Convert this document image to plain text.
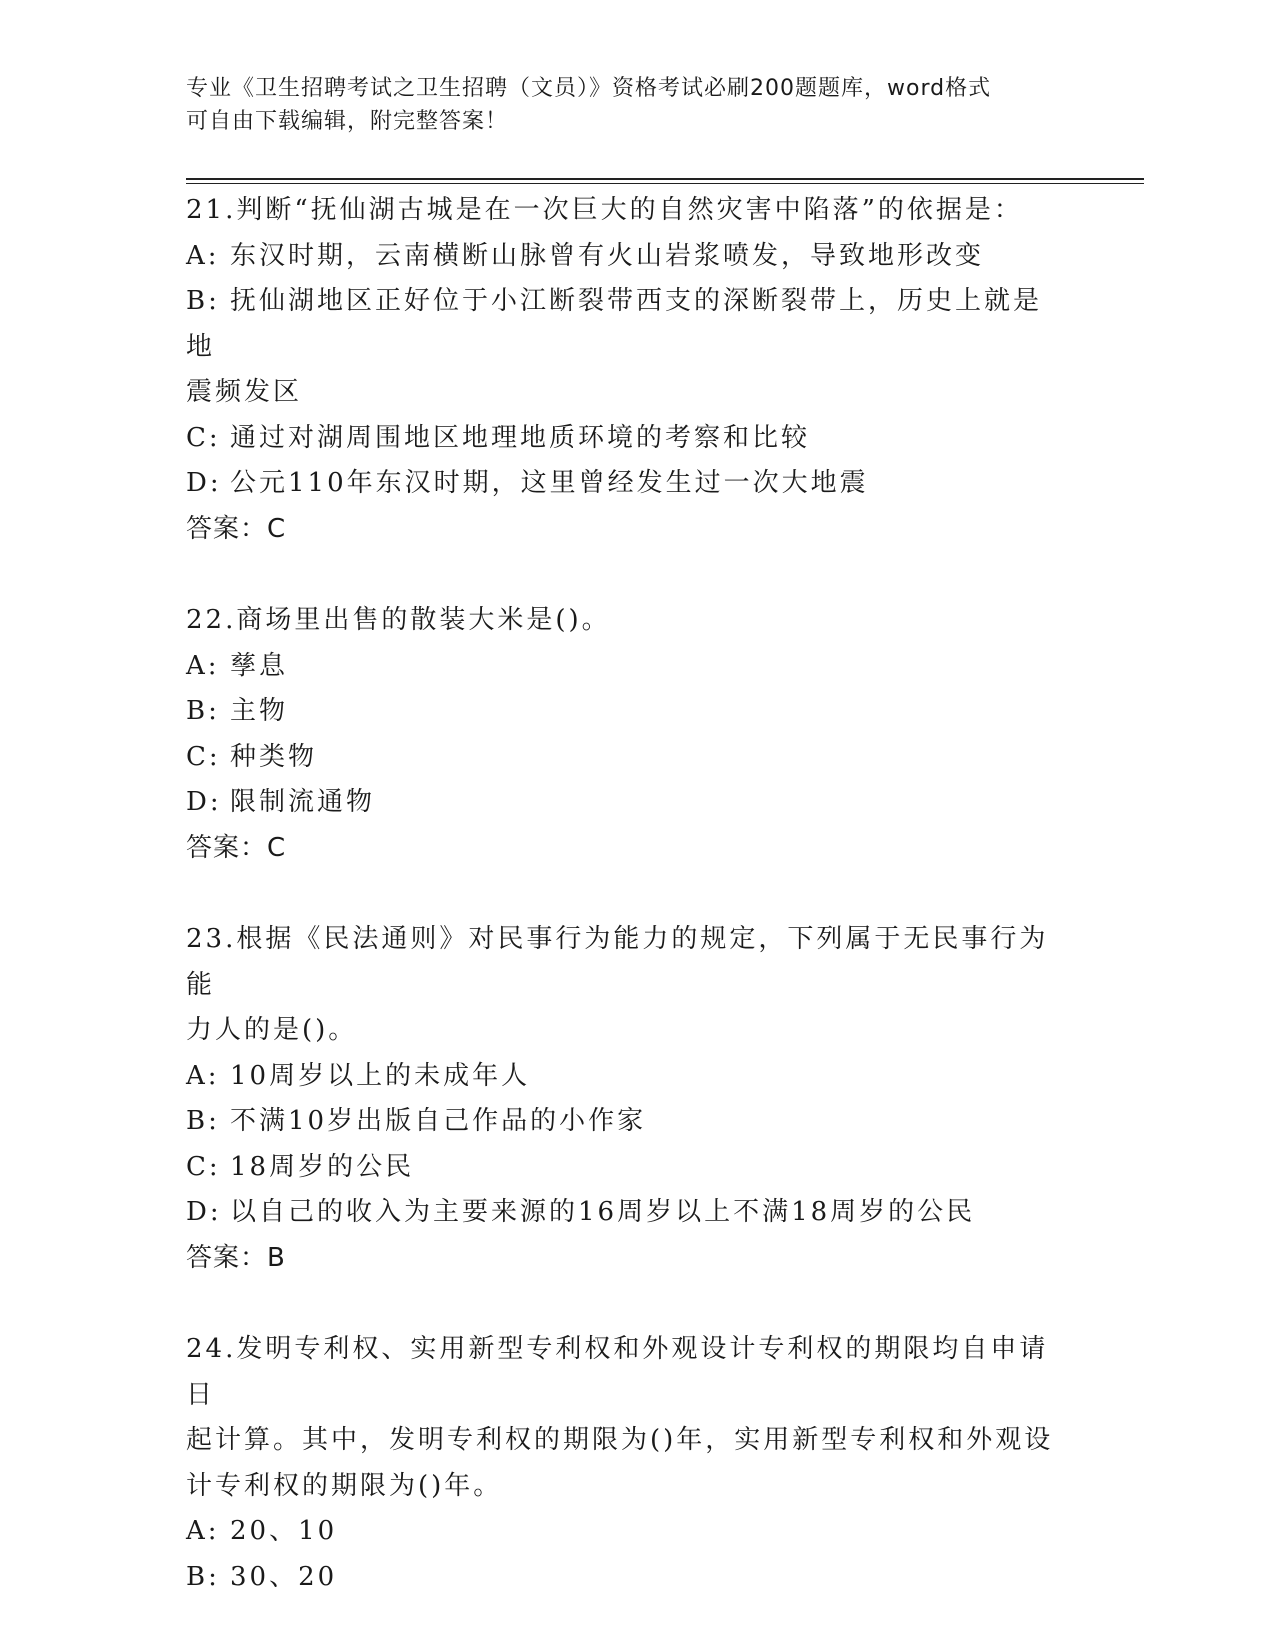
专业《卫生招聘考试之卫生招聘（文员）》资格考试必刷200题题库，word格式
可自由下载编辑，附完整答案！

21.判断“抚仙湖古城是在一次巨大的自然灾害中陷落”的依据是：

A: 东汉时期，云南横断山脉曾有火山岩浆喷发，导致地形改变

B: 抚仙湖地区正好位于小江断裂带西支的深断裂带上，历史上就是地

震频发区

C: 通过对湖周围地区地理地质环境的考察和比较

D: 公元110年东汉时期，这里曾经发生过一次大地震

答案：C

22.商场里出售的散装大米是()。

A: 孳息

B: 主物

C: 种类物

D: 限制流通物

答案：C

23.根据《民法通则》对民事行为能力的规定，下列属于无民事行为能

力人的是()。

A: 10周岁以上的未成年人

B: 不满10岁出版自己作品的小作家

C: 18周岁的公民

D: 以自己的收入为主要来源的16周岁以上不满18周岁的公民

答案：B

24.发明专利权、实用新型专利权和外观设计专利权的期限均自申请日

起计算。其中，发明专利权的期限为()年，实用新型专利权和外观设

计专利权的期限为()年。

A: 20、10

B: 30、20
